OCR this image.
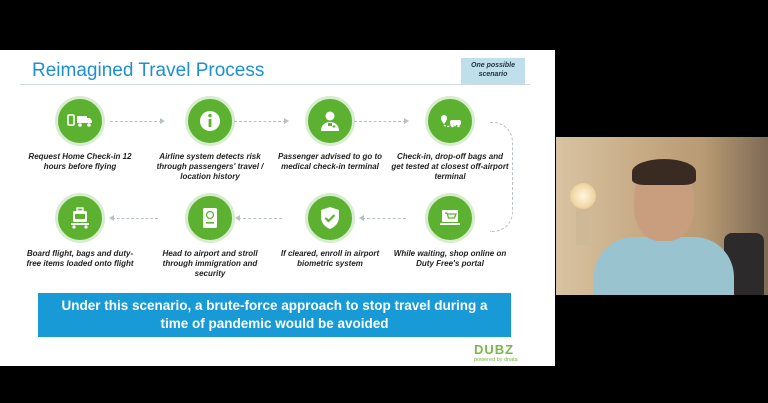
Reimagined Travel Process	One possible
scenario
Request Home Check-in 12 hours before flying
Airline system detects risk through passengers' travel / location history
Passenger advised to go to medical check-in terminal
Check-in, drop-off bags and get tested at closest off-airport terminal
Board flight, bags and duty-free items loaded onto flight
Head to airport and stroll through immigration and security
If cleared, enroll in airport biometric system
While waiting, shop online on Duty Free's portal
Under this scenario, a brute-force approach to stop travel during a time of pandemic would be avoided
DUBZ
powered by dnata
